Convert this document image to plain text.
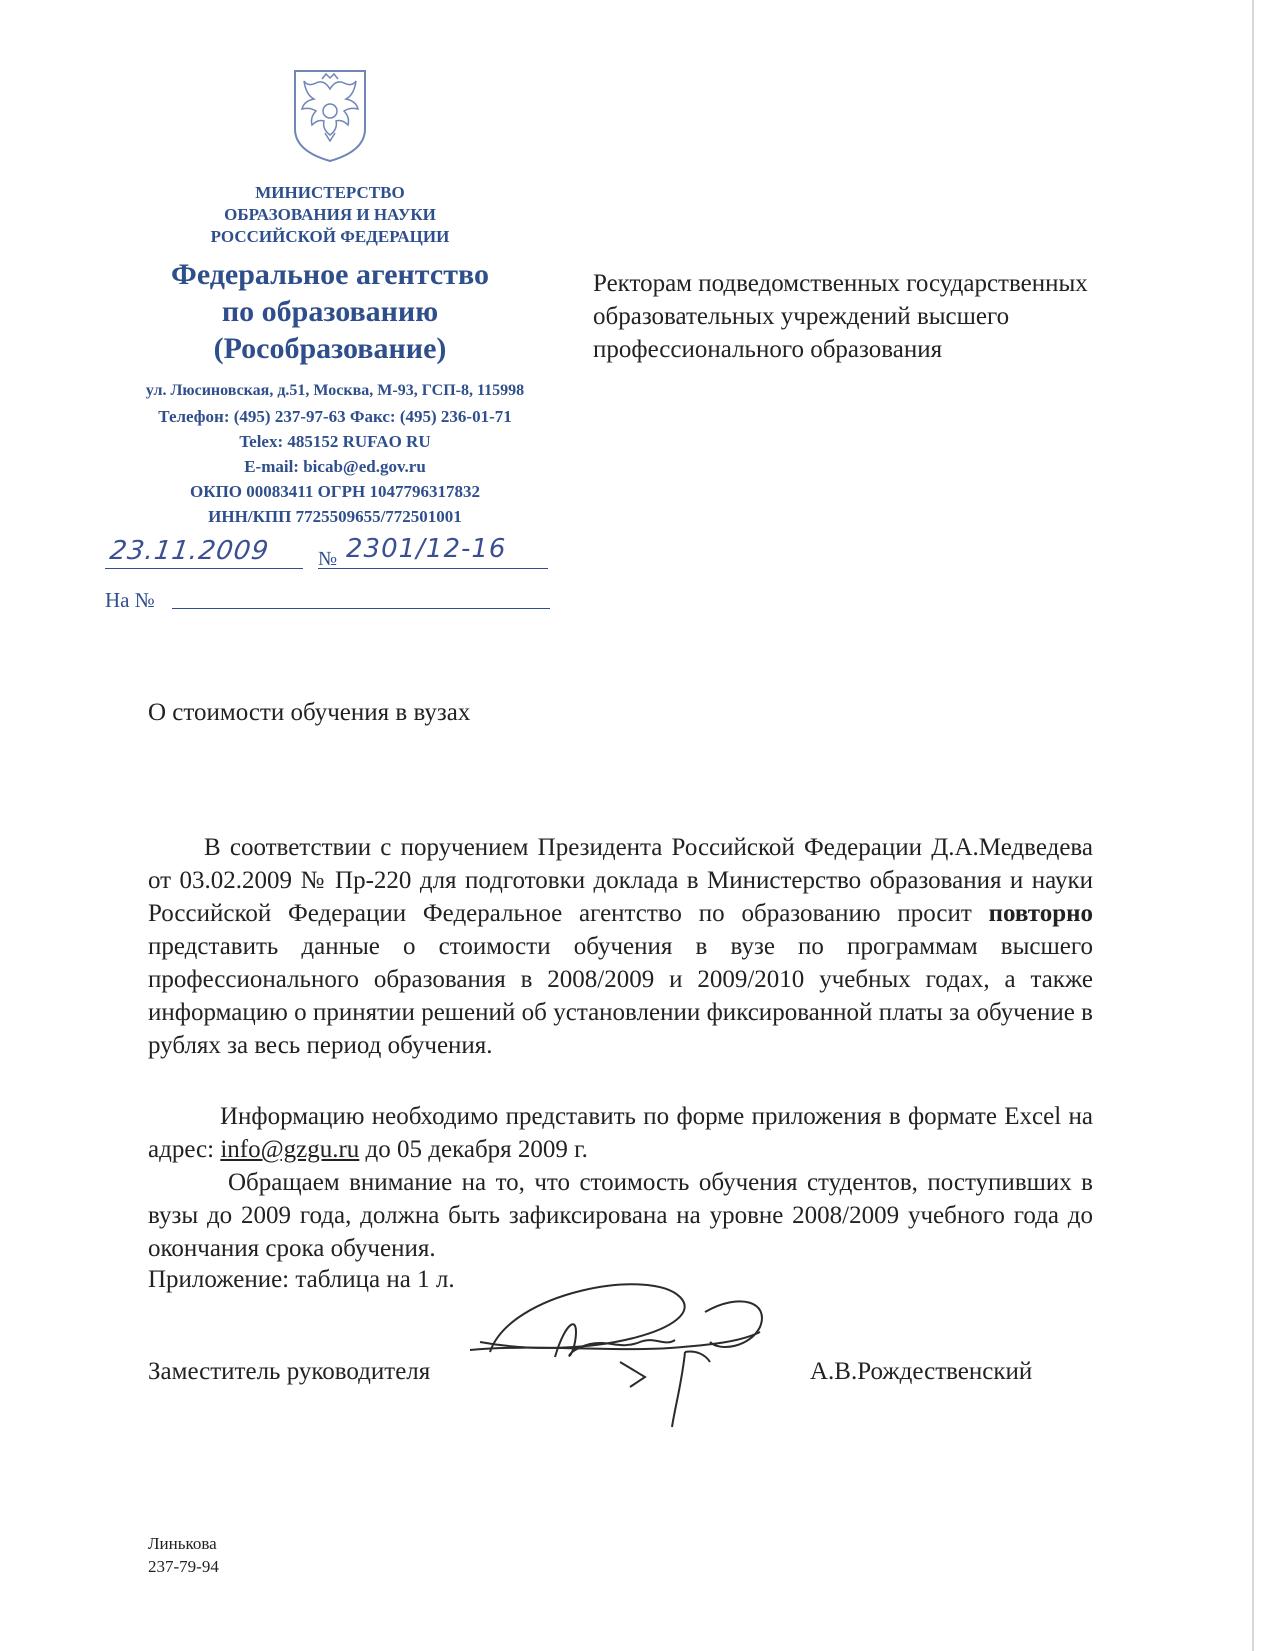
МИНИСТЕРСТВО
ОБРАЗОВАНИЯ И НАУКИ
РОССИЙСКОЙ ФЕДЕРАЦИИ
Федеральное агентство
по образованию
(Рособразование)
ул. Люсиновская, д.51, Москва, М-93, ГСП-8, 115998
Телефон: (495) 237-97-63 Факс: (495) 236-01-71
Telex: 485152 RUFAO RU
E-mail: bicab@ed.gov.ru
ОКПО 00083411 ОГРН 1047796317832
ИНН/КПП 7725509655/772501001
23.11.2009 № 2301/12-16
На №
Ректорам подведомственных государственных образовательных учреждений высшего профессионального образования
О стоимости обучения в вузах

В соответствии с поручением Президента Российской Федерации Д.А.Медведева от 03.02.2009 № Пр-220 для подготовки доклада в Министерство образования и науки Российской Федерации Федеральное агентство по образованию просит повторно представить данные о стоимости обучения в вузе по программам высшего профессионального образования в 2008/2009 и 2009/2010 учебных годах, а также информацию о принятии решений об установлении фиксированной платы за обучение в рублях за весь период обучения.

Информацию необходимо представить по форме приложения в формате Excel на адрес: info@gzgu.ru до 05 декабря 2009 г.

Обращаем внимание на то, что стоимость обучения студентов, поступивших в вузы до 2009 года, должна быть зафиксирована на уровне 2008/2009 учебного года до окончания срока обучения.

Приложение: таблица на 1 л.

Заместитель руководителя	А.В.Рождественский
Линькова
237-79-94
